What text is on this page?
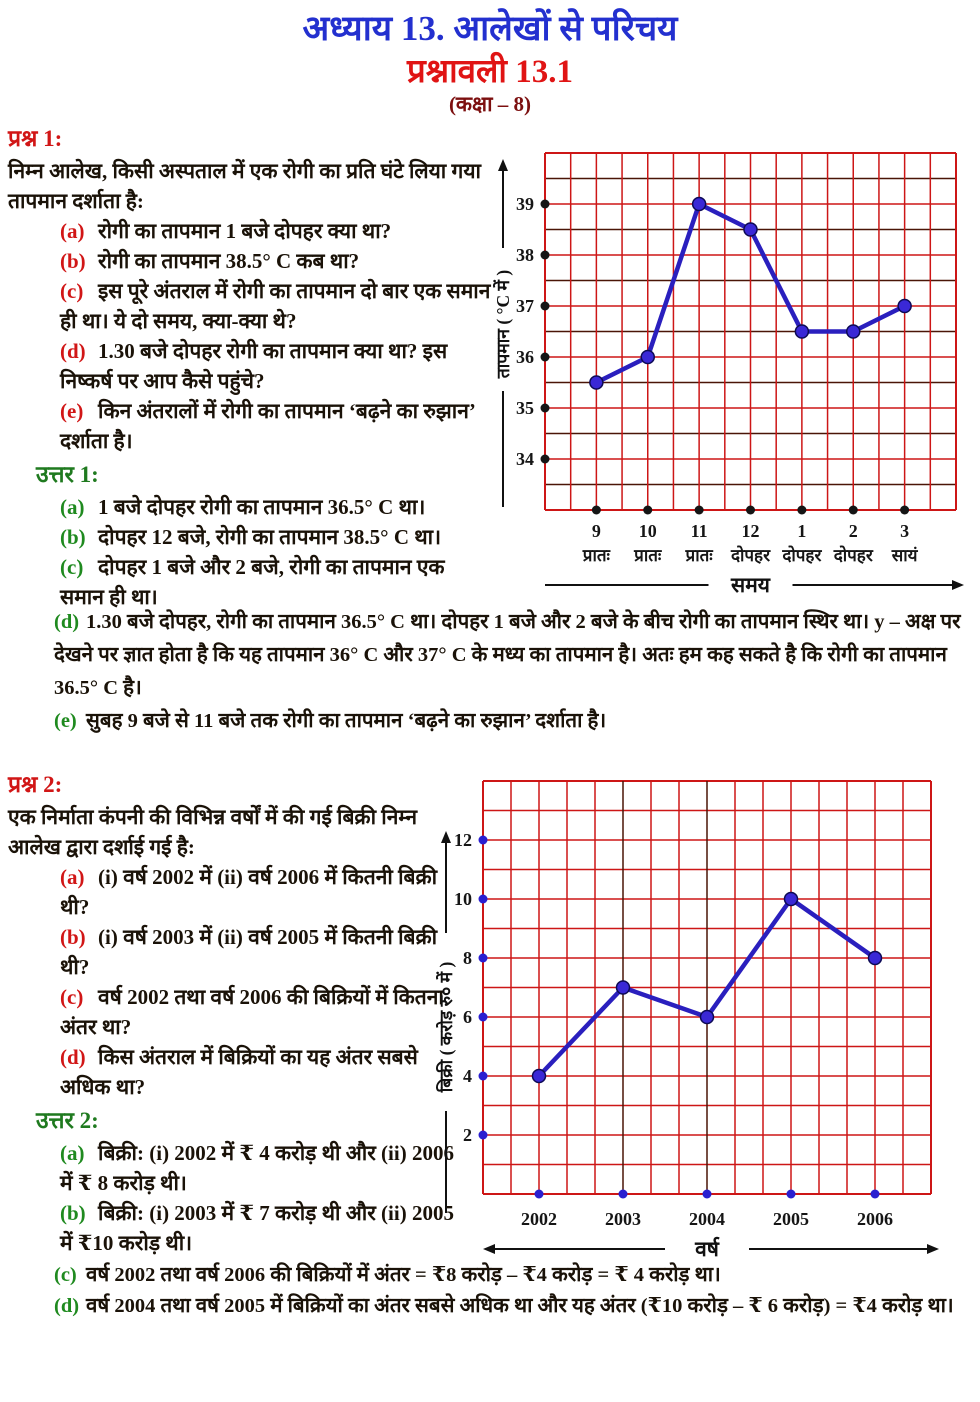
अध्याय 13. आलेखों से परिचय
प्रश्नावली 13.1
(कक्षा – 8)
प्रश्न 1:
निम्न आलेख, किसी अस्पताल में एक रोगी का प्रति घंटे लिया गया तापमान दर्शाता है:
(a) रोगी का तापमान 1 बजे दोपहर क्या था?
(b) रोगी का तापमान 38.5° C कब था?
(c) इस पूरे अंतराल में रोगी का तापमान दो बार एक समान ही था। ये दो समय, क्या-क्या थे?
(d) 1.30 बजे दोपहर रोगी का तापमान क्या था? इस निष्कर्ष पर आप कैसे पहुंचे?
(e) किन अंतरालों में रोगी का तापमान ‘बढ़ने का रुझान’ दर्शाता है।
उत्तर 1:
(a) 1 बजे दोपहर रोगी का तापमान 36.5° C था।
(b) दोपहर 12 बजे, रोगी का तापमान 38.5° C था।
(c) दोपहर 1 बजे और 2 बजे, रोगी का तापमान एक समान ही था।
(d) 1.30 बजे दोपहर, रोगी का तापमान 36.5° C था। दोपहर 1 बजे और 2 बजे के बीच रोगी का तापमान स्थिर था। y – अक्ष पर देखने पर ज्ञात होता है कि यह तापमान 36° C और 37° C के मध्य का तापमान है। अतः हम कह सकते है कि रोगी का तापमान 36.5° C है।
(e) सुबह 9 बजे से 11 बजे तक रोगी का तापमान ‘बढ़ने का रुझान’ दर्शाता है।
34
35
36
37
38
39
9
प्रातः
10
प्रातः
11
प्रातः
12
दोपहर
1
दोपहर
2
दोपहर
3
सायं
तापमान ( °C में )
समय
प्रश्न 2:
एक निर्माता कंपनी की विभिन्न वर्षों में की गई बिक्री निम्न आलेख द्वारा दर्शाई गई है:
(a) (i) वर्ष 2002 में (ii) वर्ष 2006 में कितनी बिक्री थी?
(b) (i) वर्ष 2003 में (ii) वर्ष 2005 में कितनी बिक्री थी?
(c) वर्ष 2002 तथा वर्ष 2006 की बिक्रियों में कितना अंतर था?
(d) किस अंतराल में बिक्रियों का यह अंतर सबसे अधिक था?
उत्तर 2:
(a) बिक्री: (i) 2002 में ₹ 4 करोड़ थी और (ii) 2006 में ₹ 8 करोड़ थी।
(b) बिक्री: (i) 2003 में ₹ 7 करोड़ थी और (ii) 2005 में ₹10 करोड़ थी।
(c) वर्ष 2002 तथा वर्ष 2006 की बिक्रियों में अंतर = ₹8 करोड़ – ₹4 करोड़ = ₹ 4 करोड़ था।
(d) वर्ष 2004 तथा वर्ष 2005 में बिक्रियों का अंतर सबसे अधिक था और यह अंतर (₹10 करोड़ – ₹ 6 करोड़) = ₹4 करोड़ था।
2
4
6
8
10
12
2002	2003	2004	2005	2006
बिक्री ( करोड़ रु० में )
वर्ष
